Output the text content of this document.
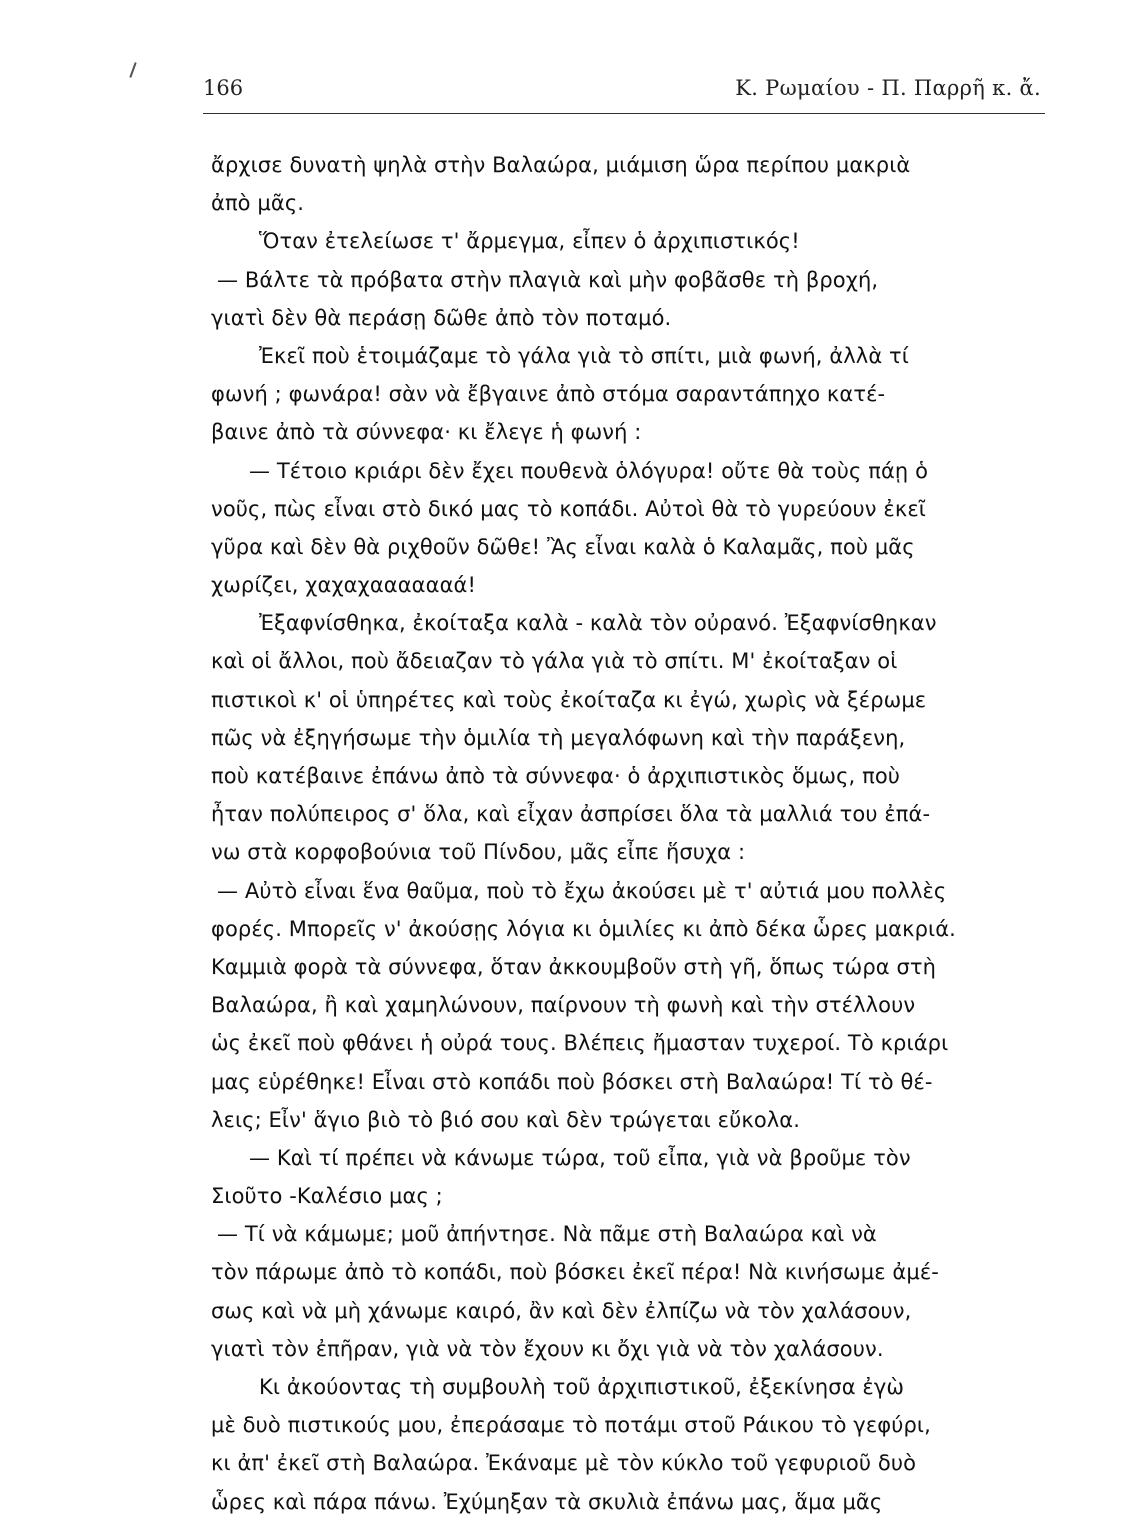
166	Κ. Ρωμαίου - Π. Παρρῆ κ. ἄ.
ἄρχισε δυνατὴ ψηλὰ στὴν Βαλαώρα, μιάμιση ὥρα περίπου μακριὰ
ἀπὸ μᾶς.
Ὅταν ἐτελείωσε τ' ἄρμεγμα, εἶπεν ὁ ἀρχιπιστικός!
— Βάλτε τὰ πρόβατα στὴν πλαγιὰ καὶ μὴν φοβᾶσθε τὴ βροχή,
γιατὶ δὲν θὰ περάσῃ δῶθε ἀπὸ τὸν ποταμό.
Ἐκεῖ ποὺ ἑτοιμάζαμε τὸ γάλα γιὰ τὸ σπίτι, μιὰ φωνή, ἀλλὰ τί
φωνή ; φωνάρα! σὰν νὰ ἔβγαινε ἀπὸ στόμα σαραντάπηχο κατέ-
βαινε ἀπὸ τὰ σύννεφα· κι ἔλεγε ἡ φωνή :
— Τέτοιο κριάρι δὲν ἔχει πουθενὰ ὁλόγυρα! οὔτε θὰ τοὺς πάῃ ὁ
νοῦς, πὼς εἶναι στὸ δικό μας τὸ κοπάδι. Αὐτοὶ θὰ τὸ γυρεύουν ἐκεῖ
γῦρα καὶ δὲν θὰ ριχθοῦν δῶθε! Ἂς εἶναι καλὰ ὁ Καλαμᾶς, ποὺ μᾶς
χωρίζει, χαχαχααααααά!
Ἐξαφνίσθηκα, ἐκοίταξα καλὰ - καλὰ τὸν οὐρανό. Ἐξαφνίσθηκαν
καὶ οἱ ἄλλοι, ποὺ ἄδειαζαν τὸ γάλα γιὰ τὸ σπίτι. Μ' ἐκοίταξαν οἱ
πιστικοὶ κ' οἱ ὑπηρέτες καὶ τοὺς ἐκοίταζα κι ἐγώ, χωρὶς νὰ ξέρωμε
πῶς νὰ ἐξηγήσωμε τὴν ὁμιλία τὴ μεγαλόφωνη καὶ τὴν παράξενη,
ποὺ κατέβαινε ἐπάνω ἀπὸ τὰ σύννεφα· ὁ ἀρχιπιστικὸς ὅμως, ποὺ
ἦταν πολύπειρος σ' ὅλα, καὶ εἶχαν ἀσπρίσει ὅλα τὰ μαλλιά του ἐπά-
νω στὰ κορφοβούνια τοῦ Πίνδου, μᾶς εἶπε ἥσυχα :
— Αὐτὸ εἶναι ἕνα θαῦμα, ποὺ τὸ ἔχω ἀκούσει μὲ τ' αὐτιά μου πολλὲς
φορές. Μπορεῖς ν' ἀκούσῃς λόγια κι ὁμιλίες κι ἀπὸ δέκα ὧρες μακριά.
Καμμιὰ φορὰ τὰ σύννεφα, ὅταν ἀκκουμβοῦν στὴ γῆ, ὅπως τώρα στὴ
Βαλαώρα, ἢ καὶ χαμηλώνουν, παίρνουν τὴ φωνὴ καὶ τὴν στέλλουν
ὡς ἐκεῖ ποὺ φθάνει ἡ οὐρά τους. Βλέπεις ἤμασταν τυχεροί. Τὸ κριάρι
μας εὑρέθηκε! Εἶναι στὸ κοπάδι ποὺ βόσκει στὴ Βαλαώρα! Τί τὸ θέ-
λεις; Εἶν' ἅγιο βιὸ τὸ βιό σου καὶ δὲν τρώγεται εὔκολα.
— Καὶ τί πρέπει νὰ κάνωμε τώρα, τοῦ εἶπα, γιὰ νὰ βροῦμε τὸν
Σιοῦτο -Καλέσιο μας ;
— Τί νὰ κάμωμε; μοῦ ἀπήντησε. Νὰ πᾶμε στὴ Βαλαώρα καὶ νὰ
τὸν πάρωμε ἀπὸ τὸ κοπάδι, ποὺ βόσκει ἐκεῖ πέρα! Νὰ κινήσωμε ἀμέ-
σως καὶ νὰ μὴ χάνωμε καιρό, ἂν καὶ δὲν ἐλπίζω νὰ τὸν χαλάσουν,
γιατὶ τὸν ἐπῆραν, γιὰ νὰ τὸν ἔχουν κι ὄχι γιὰ νὰ τὸν χαλάσουν.
Κι ἀκούοντας τὴ συμβουλὴ τοῦ ἀρχιπιστικοῦ, ἐξεκίνησα ἐγὼ
μὲ δυὸ πιστικούς μου, ἐπεράσαμε τὸ ποτάμι στοῦ Ράικου τὸ γεφύρι,
κι ἀπ' ἐκεῖ στὴ Βαλαώρα. Ἐκάναμε μὲ τὸν κύκλο τοῦ γεφυριοῦ δυὸ
ὧρες καὶ πάρα πάνω. Ἐχύμηξαν τὰ σκυλιὰ ἐπάνω μας, ἅμα μᾶς
